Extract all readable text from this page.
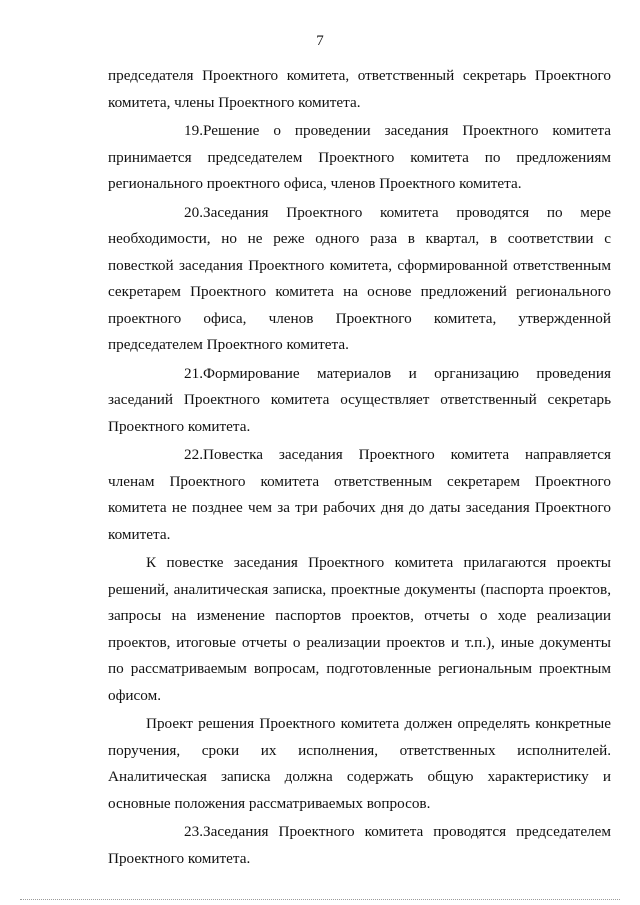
7

председателя Проектного комитета, ответственный секретарь Проектного комитета, члены Проектного комитета.

19.Решение о проведении заседания Проектного комитета принимается председателем Проектного комитета по предложениям регионального проектного офиса, членов Проектного комитета.

20.Заседания Проектного комитета проводятся по мере необходимости, но не реже одного раза в квартал, в соответствии с повесткой заседания Проектного комитета, сформированной ответственным секретарем Проектного комитета на основе предложений регионального проектного офиса, членов Проектного комитета, утвержденной председателем Проектного комитета.

21.Формирование материалов и организацию проведения заседаний Проектного комитета осуществляет ответственный секретарь Проектного комитета.

22.Повестка заседания Проектного комитета направляется членам Проектного комитета ответственным секретарем Проектного комитета не позднее чем за три рабочих дня до даты заседания Проектного комитета.

К повестке заседания Проектного комитета прилагаются проекты решений, аналитическая записка, проектные документы (паспорта проектов, запросы на изменение паспортов проектов, отчеты о ходе реализации проектов, итоговые отчеты о реализации проектов и т.п.), иные документы по рассматриваемым вопросам, подготовленные региональным проектным офисом.

Проект решения Проектного комитета должен определять конкретные поручения, сроки их исполнения, ответственных исполнителей. Аналитическая записка должна содержать общую характеристику и основные положения рассматриваемых вопросов.

23.Заседания Проектного комитета проводятся председателем Проектного комитета.
